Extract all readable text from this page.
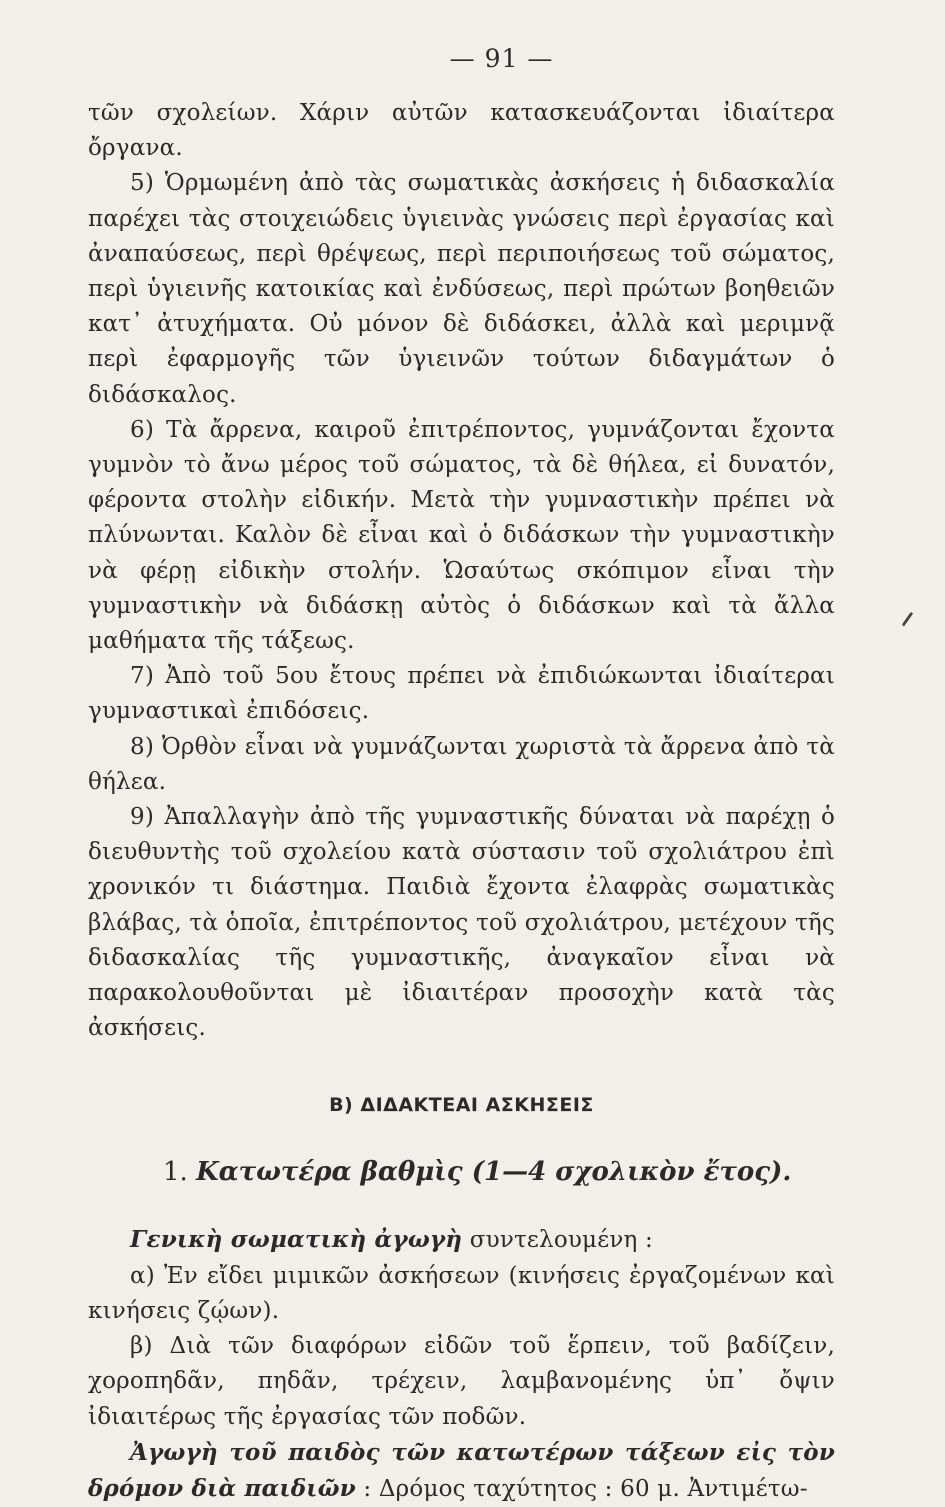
— 91 —

τῶν σχολείων. Χάριν αὐτῶν κατασκευάζονται ἰδιαίτερα ὄργανα.

5) Ὁρμωμένη ἀπὸ τὰς σωματικὰς ἀσκήσεις ἡ διδασκαλία παρέχει τὰς στοιχειώδεις ὑγιεινὰς γνώσεις περὶ ἐργασίας καὶ ἀναπαύσεως, περὶ θρέψεως, περὶ περιποιήσεως τοῦ σώματος, περὶ ὑγιεινῆς κατοικίας καὶ ἐνδύσεως, περὶ πρώτων βοηθειῶν κατ᾽ ἀτυχήματα. Οὐ μόνον δὲ διδάσκει, ἀλλὰ καὶ μεριμνᾷ περὶ ἐφαρμογῆς τῶν ὑγιεινῶν τούτων διδαγμάτων ὁ διδάσκαλος.

6) Τὰ ἄρρενα, καιροῦ ἐπιτρέποντος, γυμνάζονται ἔχοντα γυμνὸν τὸ ἄνω μέρος τοῦ σώματος, τὰ δὲ θήλεα, εἰ δυνατόν, φέροντα στολὴν εἰδικήν. Μετὰ τὴν γυμναστικὴν πρέπει νὰ πλύνωνται. Καλὸν δὲ εἶναι καὶ ὁ διδάσκων τὴν γυμναστικὴν νὰ φέρῃ εἰδικὴν στολήν. Ὡσαύτως σκόπιμον εἶναι τὴν γυμναστικὴν νὰ διδάσκῃ αὐτὸς ὁ διδάσκων καὶ τὰ ἄλλα μαθήματα τῆς τάξεως.

7) Ἀπὸ τοῦ 5ου ἔτους πρέπει νὰ ἐπιδιώκωνται ἰδιαίτεραι γυμναστικαὶ ἐπιδόσεις.

8) Ὀρθὸν εἶναι νὰ γυμνάζωνται χωριστὰ τὰ ἄρρενα ἀπὸ τὰ θήλεα.

9) Ἀπαλλαγὴν ἀπὸ τῆς γυμναστικῆς δύναται νὰ παρέχῃ ὁ διευθυντὴς τοῦ σχολείου κατὰ σύστασιν τοῦ σχολιάτρου ἐπὶ χρονικόν τι διάστημα. Παιδιὰ ἔχοντα ἐλαφρὰς σωματικὰς βλάβας, τὰ ὁποῖα, ἐπιτρέποντος τοῦ σχολιάτρου, μετέχουν τῆς διδασκαλίας τῆς γυμναστικῆς, ἀναγκαῖον εἶναι νὰ παρακολουθοῦνται μὲ ἰδιαιτέραν προσοχὴν κατὰ τὰς ἀσκήσεις.

Β) ΔΙΔΑΚΤΕΑΙ ΑΣΚΗΣΕΙΣ
1. Κατωτέρα βαθμὶς (1—4 σχολικὸν ἔτος).

Γενικὴ σωματικὴ ἀγωγὴ συντελουμένη :

α) Ἐν εἴδει μιμικῶν ἀσκήσεων (κινήσεις ἐργαζομένων καὶ κινήσεις ζῴων).

β) Διὰ τῶν διαφόρων εἰδῶν τοῦ ἕρπειν, τοῦ βαδίζειν, χοροπηδᾶν, πηδᾶν, τρέχειν, λαμβανομένης ὑπ᾽ ὄψιν ἰδιαιτέρως τῆς ἐργασίας τῶν ποδῶν.

Ἀγωγὴ τοῦ παιδὸς τῶν κατωτέρων τάξεων εἰς τὸν δρόμον διὰ παιδιῶν : Δρόμος ταχύτητος : 60 μ. Ἀντιμέτω-
